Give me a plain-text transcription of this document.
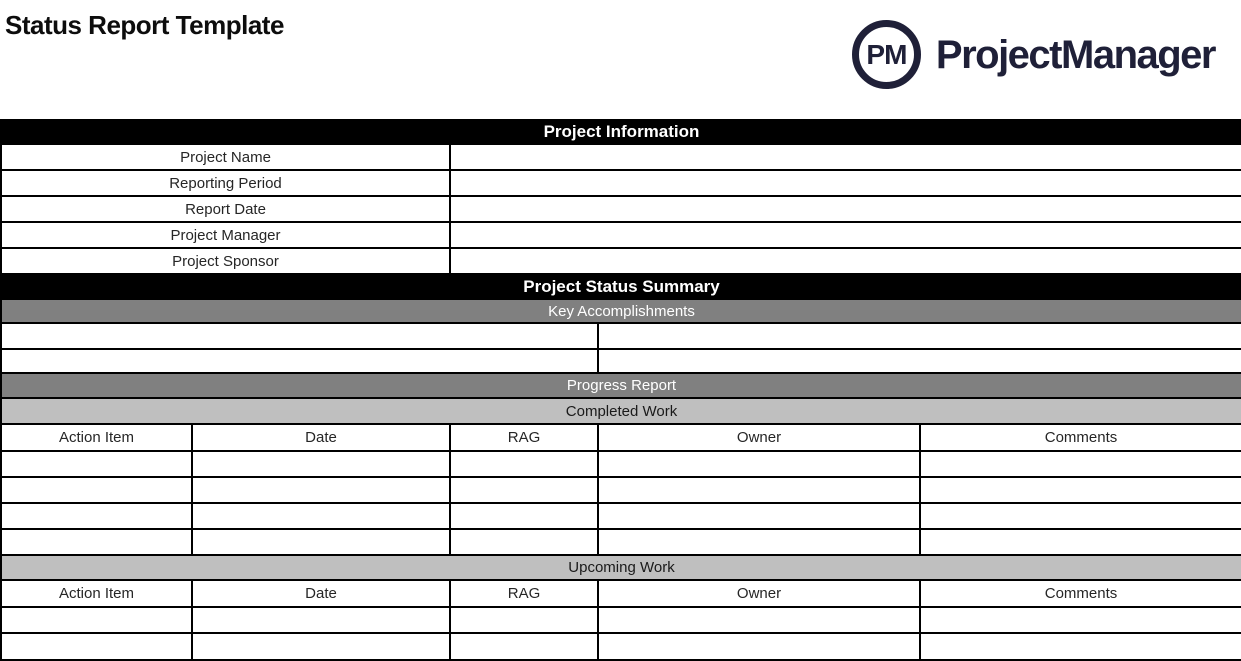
Status Report Template
PM ProjectManager
Project Information				
Project Name				
Reporting Period				
Report Date				
Project Manager				
Project Sponsor				
Project Status Summary				
Key Accomplishments				

Progress Report				
Completed Work				
Action Item	Date	RAG	Owner	Comments

Upcoming Work				
Action Item	Date	RAG	Owner	Comments
